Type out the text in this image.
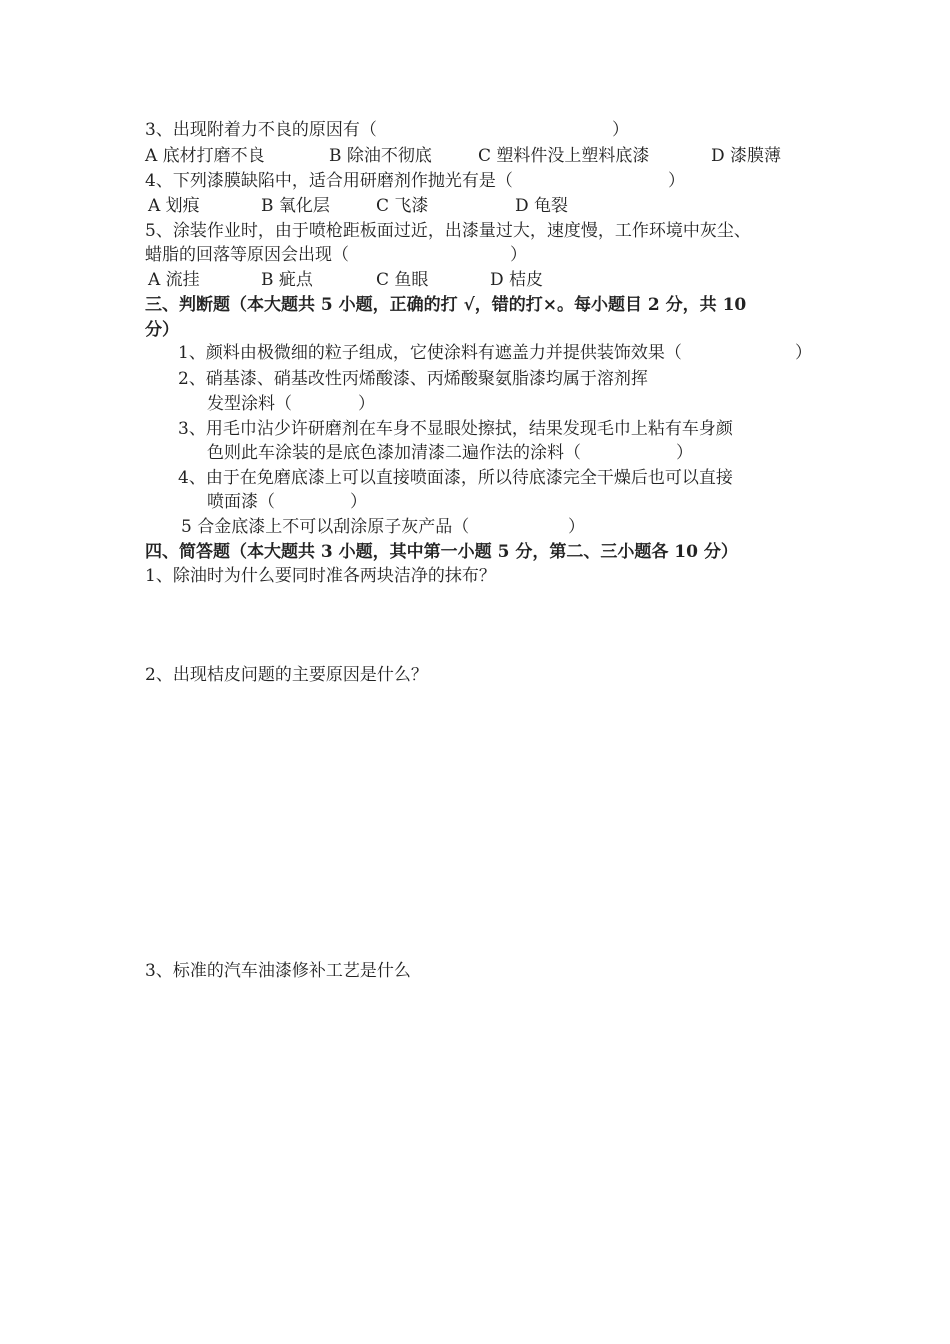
3、出现附着力不良的原因有（	）
A 底材打磨不良	B 除油不彻底	C 塑料件没上塑料底漆	D 漆膜薄
4、下列漆膜缺陷中，适合用研磨剂作抛光有是（	）
A 划痕	B 氧化层	C 飞漆	D 龟裂
5、涂装作业时，由于喷枪距板面过近，出漆量过大，速度慢，工作环境中灰尘、
蜡脂的回落等原因会出现（	）
A 流挂	B 疵点	C 鱼眼	D 桔皮
三、判断题（本大题共 5 小题，正确的打 √，错的打×。每小题目 2 分，共 10
分）
1、颜料由极微细的粒子组成，它使涂料有遮盖力并提供装饰效果（	）
2、硝基漆、硝基改性丙烯酸漆、丙烯酸聚氨脂漆均属于溶剂挥
发型涂料（	）
3、用毛巾沾少许研磨剂在车身不显眼处擦拭，结果发现毛巾上粘有车身颜
色则此车涂装的是底色漆加清漆二遍作法的涂料（	）
4、由于在免磨底漆上可以直接喷面漆，所以待底漆完全干燥后也可以直接
喷面漆（	）
5 合金底漆上不可以刮涂原子灰产品（	）
四、简答题（本大题共 3 小题，其中第一小题 5 分，第二、三小题各 10 分）
1、除油时为什么要同时准各两块洁净的抹布？
2、出现桔皮问题的主要原因是什么？
3、标准的汽车油漆修补工艺是什么
